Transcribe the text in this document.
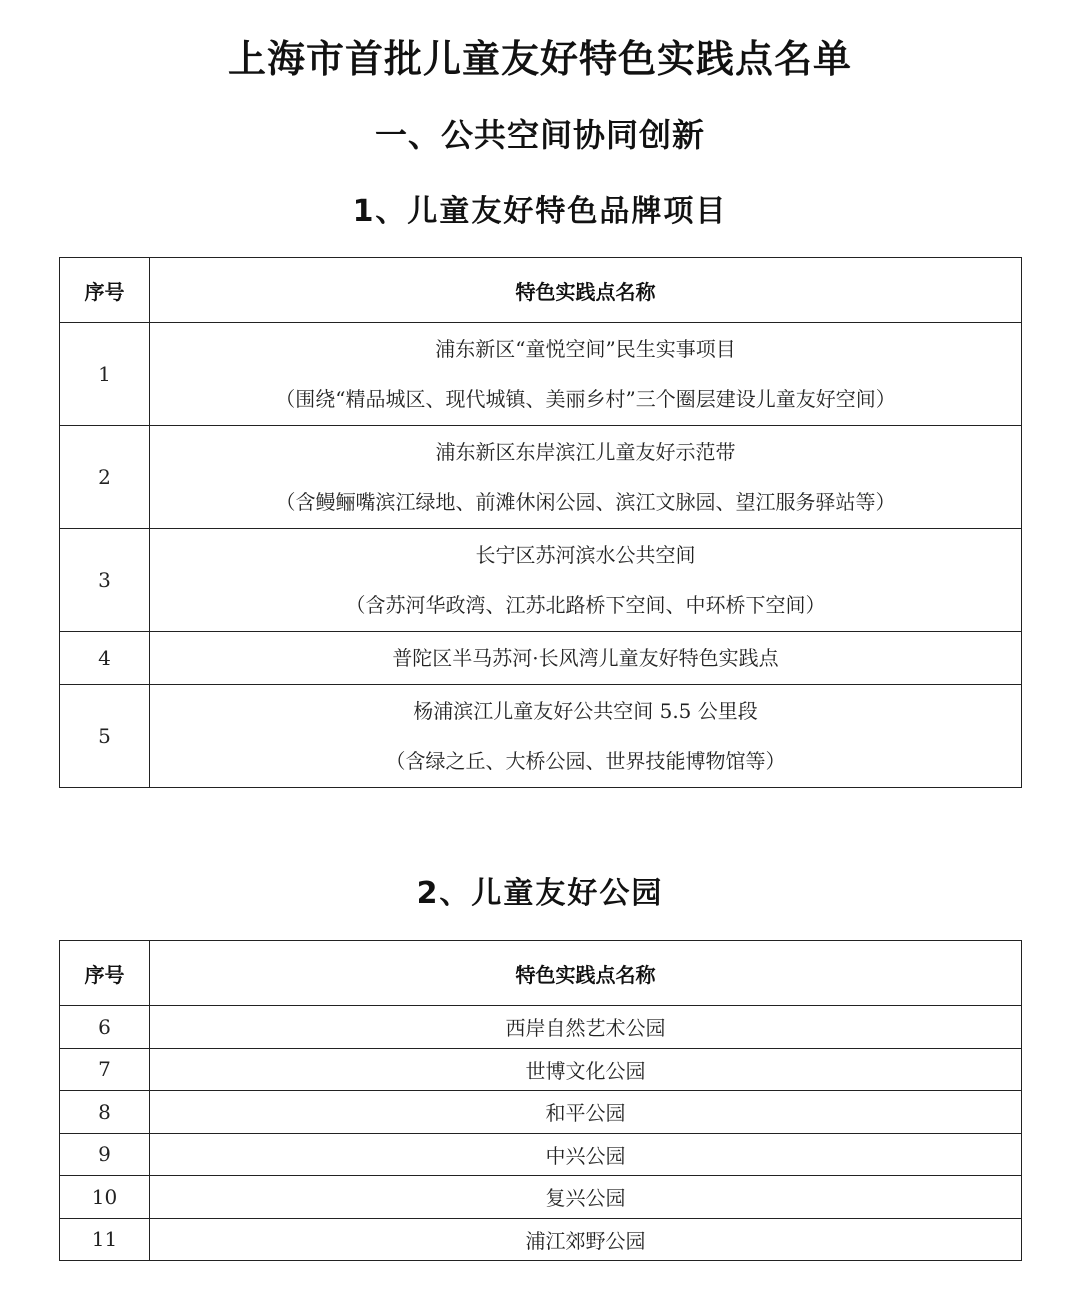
上海市首批儿童友好特色实践点名单
一、公共空间协同创新
1、儿童友好特色品牌项目
序号	特色实践点名称
1	浦东新区“童悦空间”民生实事项目
（围绕“精品城区、现代城镇、美丽乡村”三个圈层建设儿童友好空间）

2	浦东新区东岸滨江儿童友好示范带
（含鳗鲡嘴滨江绿地、前滩休闲公园、滨江文脉园、望江服务驿站等）

3	长宁区苏河滨水公共空间
（含苏河华政湾、江苏北路桥下空间、中环桥下空间）

4	普陀区半马苏河·长风湾儿童友好特色实践点

5	杨浦滨江儿童友好公共空间 5.5 公里段
（含绿之丘、大桥公园、世界技能博物馆等）
2、儿童友好公园
序号	特色实践点名称
6	西岸自然艺术公园
7	世博文化公园
8	和平公园
9	中兴公园
10	复兴公园
11	浦江郊野公园
